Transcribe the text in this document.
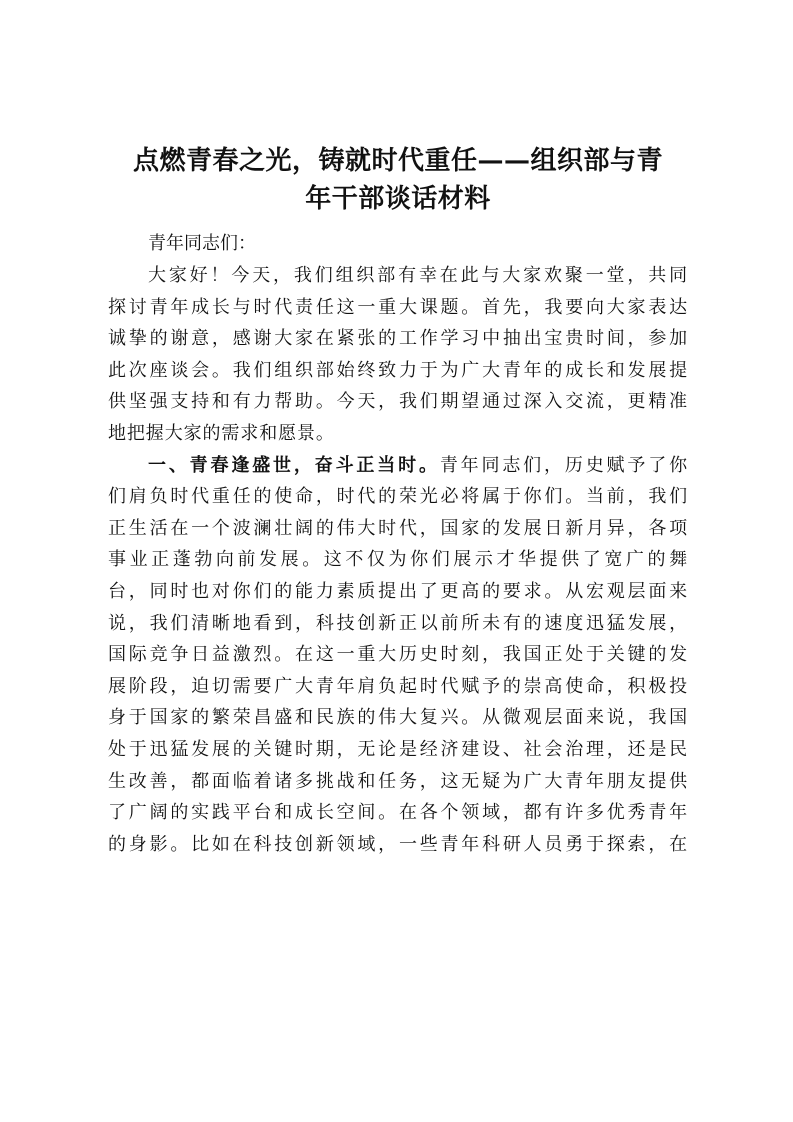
点燃青春之光，铸就时代重任——组织部与青
年干部谈话材料

青年同志们：

大家好！今天，我们组织部有幸在此与大家欢聚一堂，共同
探讨青年成长与时代责任这一重大课题。首先，我要向大家表达
诚挚的谢意，感谢大家在紧张的工作学习中抽出宝贵时间，参加
此次座谈会。我们组织部始终致力于为广大青年的成长和发展提
供坚强支持和有力帮助。今天，我们期望通过深入交流，更精准
地把握大家的需求和愿景。

一、青春逢盛世，奋斗正当时。青年同志们，历史赋予了你
们肩负时代重任的使命，时代的荣光必将属于你们。当前，我们
正生活在一个波澜壮阔的伟大时代，国家的发展日新月异，各项
事业正蓬勃向前发展。这不仅为你们展示才华提供了宽广的舞
台，同时也对你们的能力素质提出了更高的要求。从宏观层面来
说，我们清晰地看到，科技创新正以前所未有的速度迅猛发展，
国际竞争日益激烈。在这一重大历史时刻，我国正处于关键的发
展阶段，迫切需要广大青年肩负起时代赋予的崇高使命，积极投
身于国家的繁荣昌盛和民族的伟大复兴。从微观层面来说，我国
处于迅猛发展的关键时期，无论是经济建设、社会治理，还是民
生改善，都面临着诸多挑战和任务，这无疑为广大青年朋友提供
了广阔的实践平台和成长空间。在各个领域，都有许多优秀青年
的身影。比如在科技创新领域，一些青年科研人员勇于探索，在
